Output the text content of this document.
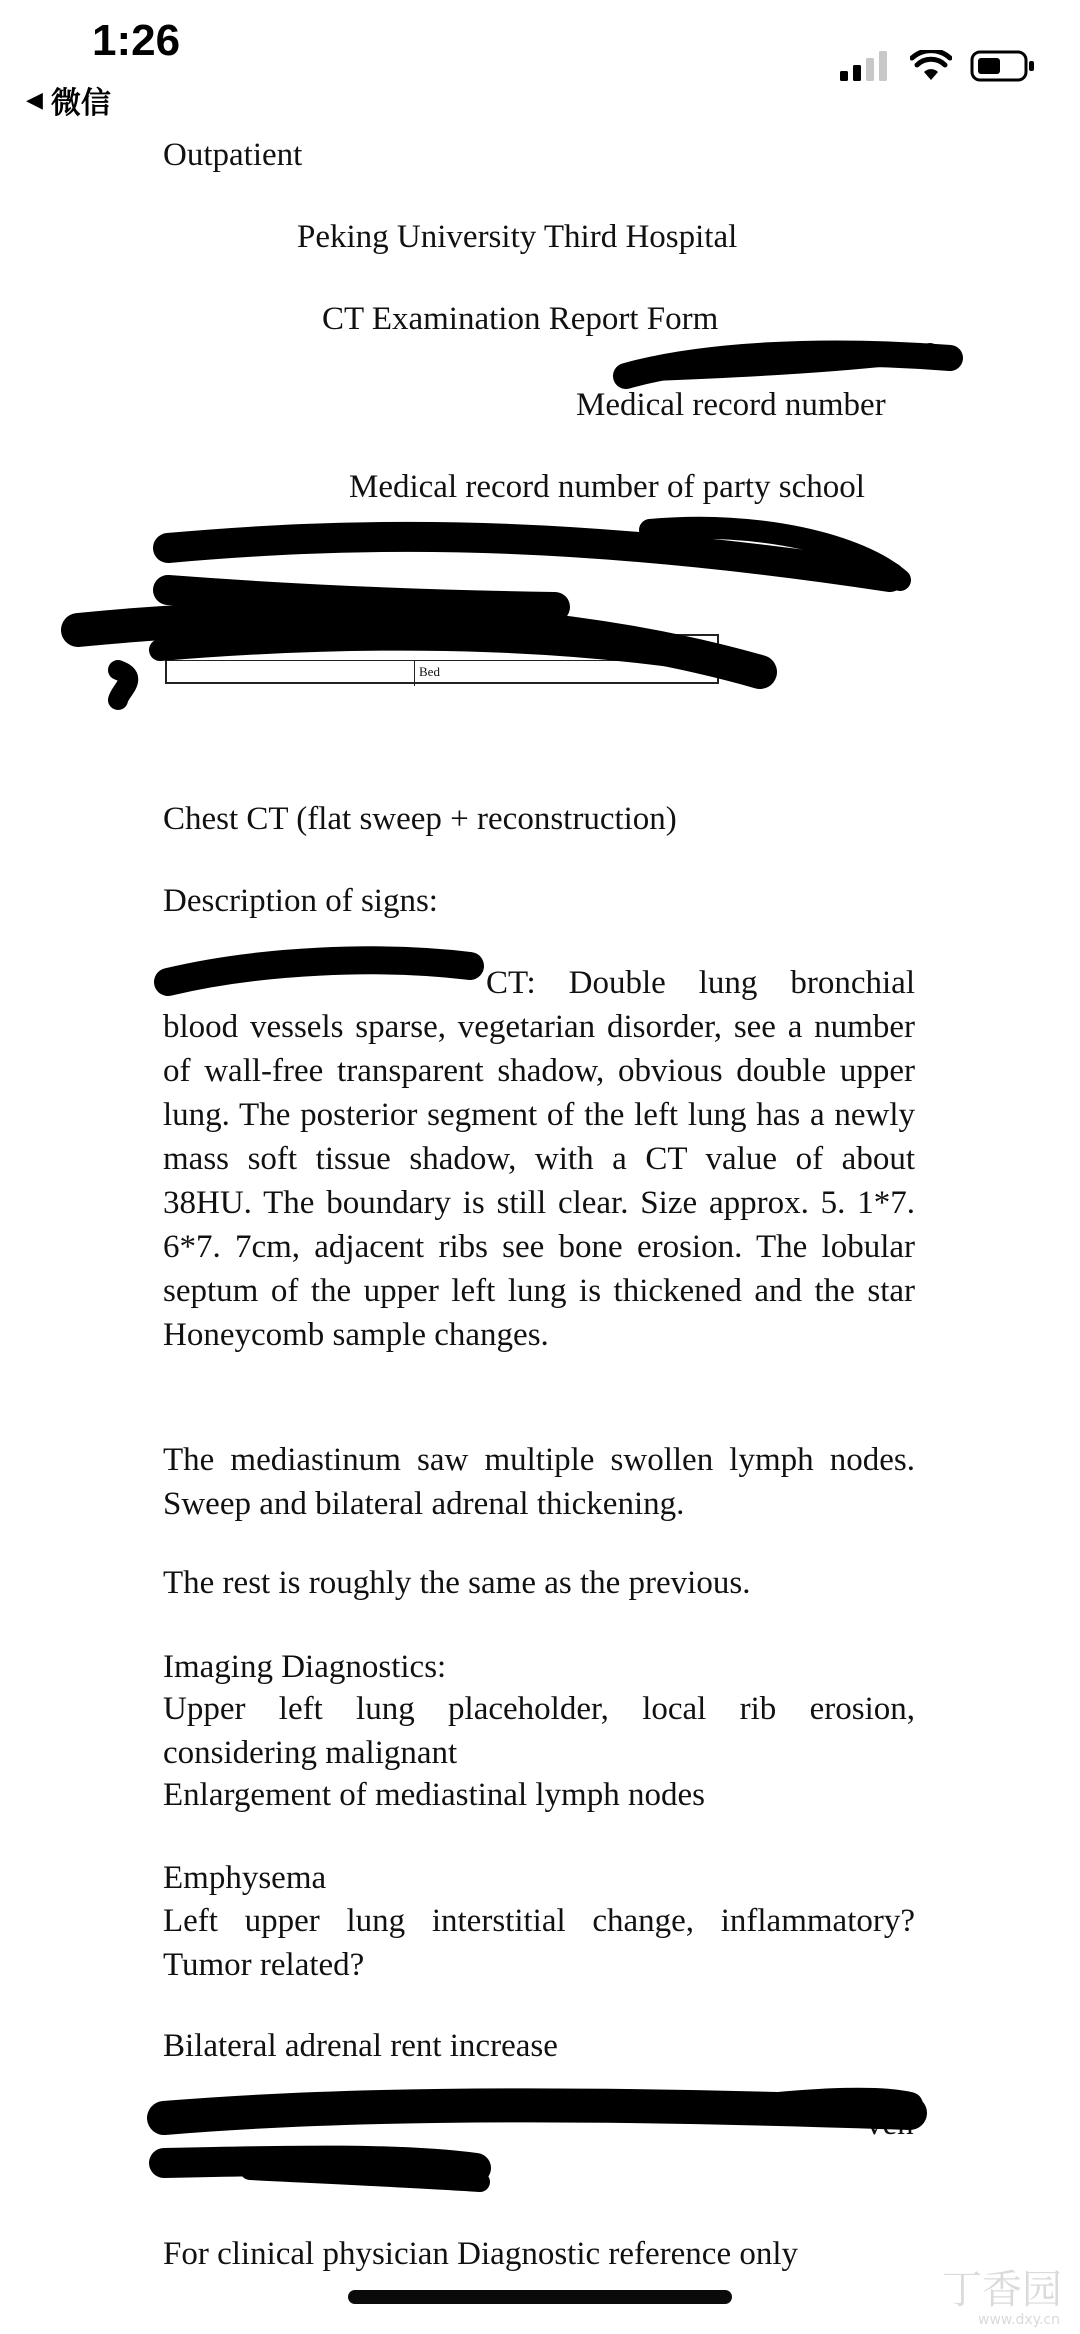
1:26
◀ 微信
Outpatient
Peking University Third Hospital
CT Examination Report Form
Medical record number
Medical record number of party school
Chest CT (flat sweep + reconstruction)
Description of signs:
CT: Double lung bronchial blood vessels sparse, vegetarian disorder, see a number of wall-free transparent shadow, obvious double upper lung. The posterior segment of the left lung has a newly mass soft tissue shadow, with a CT value of about 38HU. The boundary is still clear. Size approx. 5. 1*7. 6*7. 7cm, adjacent ribs see bone erosion. The lobular septum of the upper left lung is thickened and the star Honeycomb sample changes.
The mediastinum saw multiple swollen lymph nodes. Sweep and bilateral adrenal thickening.
The rest is roughly the same as the previous.
Imaging Diagnostics:
Upper left lung placeholder, local rib erosion, considering malignant
Enlargement of mediastinal lymph nodes
Emphysema
Left upper lung interstitial change, inflammatory? Tumor related?
Bilateral adrenal rent increase
ven
For clinical physician Diagnostic reference only
Bed
丁香园
www.dxy.cn
